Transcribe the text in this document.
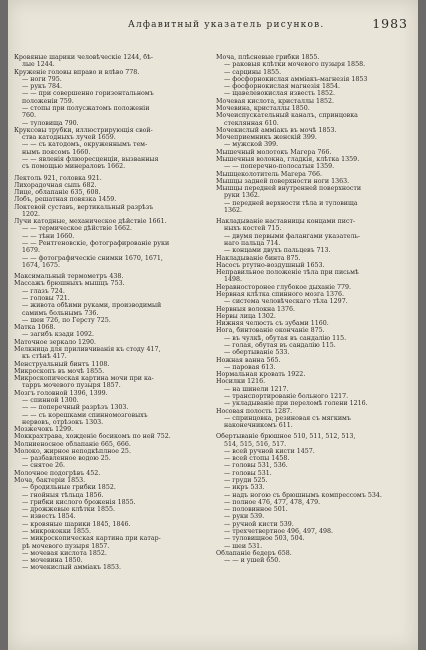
Алфавитный указатель рисунков.	1983
Кровяные шарики человѣческіе 1244, бѣ-
лые 1244.
Круженіе головы вправо и влѣво 778.
— ноги 795.
— рукъ 784.
— — при совершенно горизонтальномъ
положеніи 759.
— стопы при полусжатомъ положеніи
760.
— туловища 790.
Круксовы трубки, иллюстрирующія свой-
ства катодныхъ лучей 1659.
— — съ катодомъ, окруженнымъ тем-
нымъ поясомъ 1660.
— — явленія флюоресценціи, вызванныя
съ помощью минераловъ 1662.
Лектоль 921, головка 921.
Лихорадочная сыпь 682.
Лице, облапаніе 635, 608.
Лобъ, решатная повязка 1459.
Локтевой суставъ, вертикальный разрѣзъ
1202.
Лучи катодные, механическое дѣйствіе 1661.
— — термическое дѣйствіе 1662.
— — тѣни 1660.
— — Рентгеновскіе, фотографированіе руки
1679.
— — фотографическіе снимки 1670, 1671,
1674, 1675.
Максимальный термометръ 438.
Массажъ брюшныхъ мышцъ 753.
— глазъ 724.
— головы 721.
— живота обѣими руками, производимый
самимъ больнымъ 736.
— шеи 726, по Герсту 725.
Матка 1068.
— загибъ кзади 1092.
Маточное зеркало 1290.
Мелкница для приливчиванія къ стоду 417,
къ стѣнѣ 417.
Менструальный бинтъ 1108.
Микроскопъ въ мочѣ 1855.
Микроскопическая картина мочи при ка-
тарръ мочевого пузыря 1857.
Мозгъ головной 1396, 1399.
— спинной 1300.
— — поперечный разрѣзъ 1303.
— — съ корешками спинномозговыхъ
нервовъ, отрѣзокъ 1303.
Мозжечокъ 1299.
Моккрахтрава, хожденіе босикомъ по ней 752.
Молниеносное облапаніе 665, 666.
Молоко, жирное неподкѣплное 25.
— разбавленное водою 25.
— снятое 26.
Молочное подогрѣвъ 452.
Моча, бактеріи 1853.
— бродильные грибки 1852.
— гнойныя тѣльца 1856.
— грибки кислого броженія 1855.
— дрожжевые клѣтки 1855.
— известь 1854.
— кровяные шарики 1845, 1846.
— микрококки 1855.
— микроскопическая картина при катар-
рѣ мочевого пузыря 1857.
— мочевая кислота 1852.
— мочевина 1850.
— мочекислый аммiакъ 1853.
Моча, плѣсневые грибки 1855.
— раковыя клѣтки мочевого пузыря 1858.
— сарцины 1855.
— фосфорнокислая аммiакъ-магнезія 1853
— фосфорнокислая магнезія 1854.
— щавелевокислая известь 1852.
Мочевая кислота, кристаллы 1852.
Мочевина, кристаллы 1850.
Мочеиспускательный каналъ, спринцовка
стеклянная 610.
Мочекислый аммiакъ въ мочѣ 1853.
Мочеприемникъ женскій 399.
— мужской 399.
Мышечный молотокъ Магера 766.
Мышечныя волокна, гладкія, клѣтка 1359.
— — поперечно-полосатыя 1359.
Мышцеколотитель Магера 766.
Мышцы задней поверхности ноги 1363.
Мышцы передней внутренней поверхности
руки 1362.
— передней верхности тѣла и туловища
1362.
Накладываніе наставницы концами пист-
ныхъ костей 715.
— двумя первыми фалангами указатель-
наго пальца 714.
— концами двухъ пальцевъ 713.
Накладываніе бинта 875.
Насосъ ртутно-воздушный 1653.
Неправильное положеніе тѣла при письмѣ
1498.
Неравносторонее глубокое дыханіе 779.
Нервная клѣтка спинного мозга 1376.
— система человѣческаго тѣла 1297.
Нервныя волокна 1376.
Нервы лица 1302.
Нижняя челюсть съ зубами 1160.
Нога, бинтованіе окончаніе 875.
— въ чулкѣ, обутая въ сандалію 115.
— голая, обутая въ сандалію 115.
— обертываніе 533.
Ножная ванна 565.
— паровая 613.
Нормальная кровать 1922.
Носилки 1216.
— на шинели 1217.
— транспортированіе больного 1217.
— укладываніе при переломѣ голени 1216.
Носовая полость 1287.
— спринцовка, резиновая съ мягкимъ
наконечникомъ 611.
Обертываніе брюшное 510, 511, 512, 513,
514, 515, 516, 517.
— всей ручной кисти 1457.
— всей стопы 1458.
— головы 531, 536.
— головы 531.
— груди 525.
— икръ 533.
— надъ ногою съ брюшнымъ компрессомъ 534.
— полное 476, 477, 478, 479.
— половинное 501.
— руки 539.
— ручной кисти 539.
— трехчетвертное 496, 497, 498.
— туловищное 503, 504.
— шеи 531.
Облапаніе бедеръ 658.
— — и ушей 650.
